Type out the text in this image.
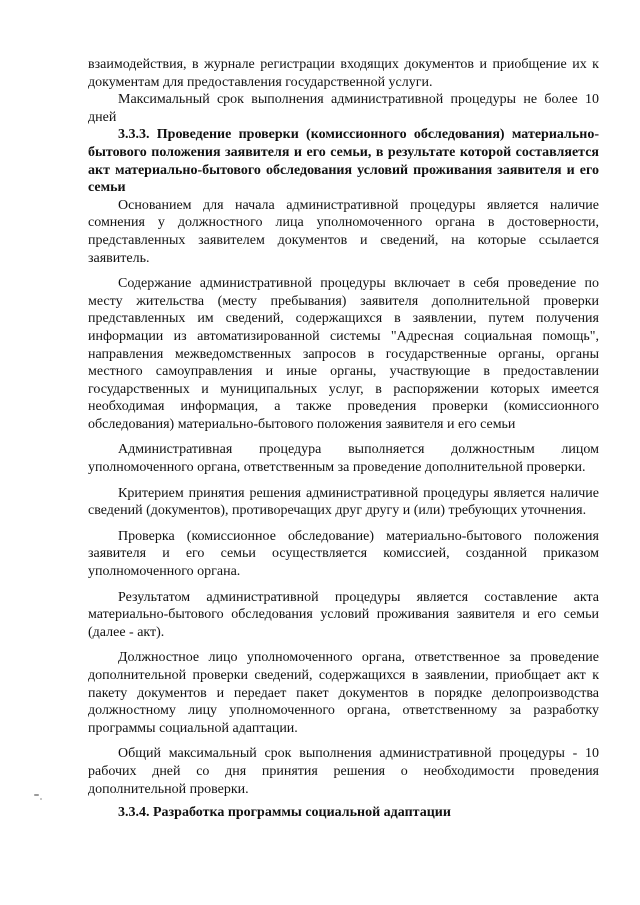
взаимодействия, в журнале регистрации входящих документов и приобщение их к документам для предоставления государственной услуги.

Максимальный срок выполнения административной процедуры не более 10 дней

3.3.3. Проведение проверки (комиссионного обследования) материально-бытового положения заявителя и его семьи, в результате которой составляется акт материально-бытового обследования условий проживания заявителя и его семьи

Основанием для начала административной процедуры является наличие сомнения у должностного лица уполномоченного органа в достоверности, представленных заявителем документов и сведений, на которые ссылается заявитель.

Содержание административной процедуры включает в себя проведение по месту жительства (месту пребывания) заявителя дополнительной проверки представленных им сведений, содержащихся в заявлении, путем получения информации из автоматизированной системы "Адресная социальная помощь", направления межведомственных запросов в государственные органы, органы местного самоуправления и иные органы, участвующие в предоставлении государственных и муниципальных услуг, в распоряжении которых имеется необходимая информация, а также проведения проверки (комиссионного обследования) материально-бытового положения заявителя и его семьи

Административная процедура выполняется должностным лицом уполномоченного органа, ответственным за проведение дополнительной проверки.

Критерием принятия решения административной процедуры является наличие сведений (документов), противоречащих друг другу и (или) требующих уточнения.

Проверка (комиссионное обследование) материально-бытового положения заявителя и его семьи осуществляется комиссией, созданной приказом уполномоченного органа.

Результатом административной процедуры является составление акта материально-бытового обследования условий проживания заявителя и его семьи (далее - акт).

Должностное лицо уполномоченного органа, ответственное за проведение дополнительной проверки сведений, содержащихся в заявлении, приобщает акт к пакету документов и передает пакет документов в порядке делопроизводства должностному лицу уполномоченного органа, ответственному за разработку программы социальной адаптации.

Общий максимальный срок выполнения административной процедуры - 10 рабочих дней со дня принятия решения о необходимости проведения дополнительной проверки.

3.3.4. Разработка программы социальной адаптации
